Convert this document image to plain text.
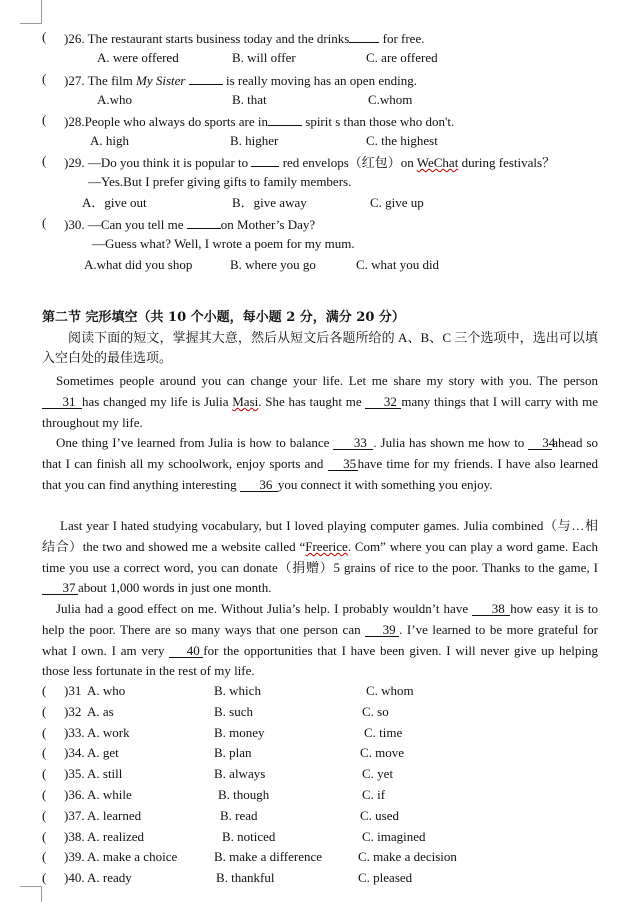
( )26. The restaurant starts business today and the drinks	for free.
A. were offered	B. will offer	C. are offered
( )27. The film My Sister	is really moving has an open ending.
A.who	B. that	C.whom
( )28.People who always do sports are in	spirit s than those who don't.
A. high	B. higher	C. the highest
( )29. —Do you think it is popular to	red envelops（红包）on WeChat during festivals？
—Yes.But I prefer giving gifts to family members.
A．give out	B．give away	C. give up
( )30. —Can you tell me	on Mother’s Day?
—Guess what? Well, I wrote a poem for my mum.
A.what did you shop	B. where you go	C. what you did
第二节 完形填空（共 10 个小题，每小题 2 分，满分 20 分）
阅读下面的短文，掌握其大意，然后从短文后各题所给的 A、B、C 三个选项中，选出可以填入空白处的最佳选项。
Sometimes people around you can change your life. Let me share my story with you. The person 31 has changed my life is Julia Masi. She has taught me 32 many things that I will carry with me throughout my life.
One thing I’ve learned from Julia is how to balance 33 . Julia has shown me how to 34ahead so that I can finish all my schoolwork, enjoy sports and 35 have time for my friends. I have also learned that you can find anything interesting 36 you connect it with something you enjoy.
Last year I hated studying vocabulary, but I loved playing computer games. Julia combined（与…相结合）the two and showed me a website called “Freerice. Com” where you can play a word game. Each time you use a correct word, you can donate（捐赠）5 grains of rice to the poor. Thanks to the game, I 37 about 1,000 words in just one month.
Julia had a good effect on me. Without Julia’s help. I probably wouldn’t have 38 how easy it is to help the poor. There are so many ways that one person can 39 . I’ve learned to be more grateful for what I own. I am very 40 for the opportunities that I have been given. I will never give up helping those less fortunate in the rest of my life.
( )31 A. who	B. which	C. whom
( )32 A. as	B. such	C. so
( )33. A. work	B. money	C. time
( )34. A. get	B. plan	C. move
( )35. A. still	B. always	C. yet
( )36. A. while	B. though	C. if
( )37. A. learned	B. read	C. used
( )38. A. realized	B. noticed	C. imagined
( )39. A. make a choice	B. make a difference	C. make a decision
( )40. A. ready	B. thankful	C. pleased
